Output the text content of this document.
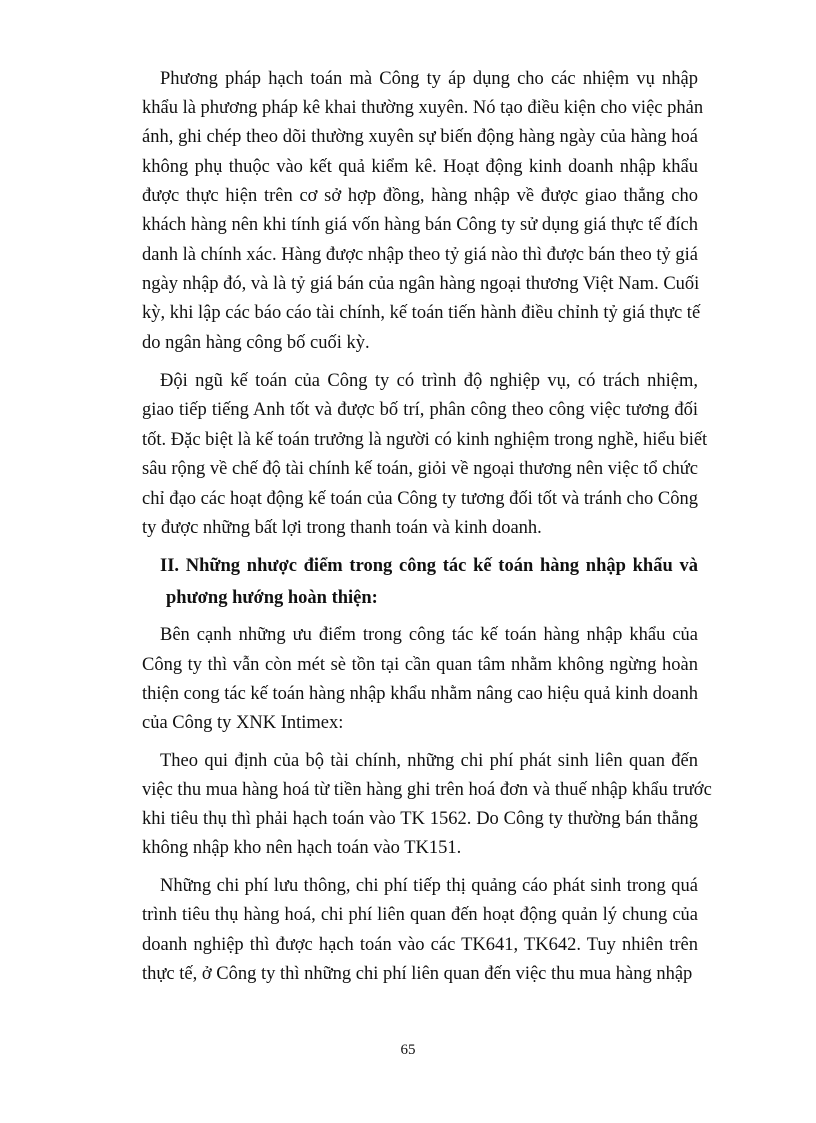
Phương pháp hạch toán mà Công ty áp dụng cho các nhiệm vụ nhập
khẩu là phương pháp kê khai thường xuyên. Nó tạo điều kiện cho việc phản
ánh, ghi chép theo dõi thường xuyên sự biến động hàng ngày của hàng hoá
không phụ thuộc vào kết quả kiểm kê. Hoạt động kinh doanh nhập khẩu
được thực hiện trên cơ sở hợp đồng, hàng nhập về được giao thẳng cho
khách hàng nên khi tính giá vốn hàng bán Công ty sử dụng giá thực tế đích
danh là chính xác. Hàng được nhập theo tỷ giá nào thì được bán theo tỷ giá
ngày nhập đó, và là tỷ giá bán của ngân hàng ngoại thương Việt Nam. Cuối
kỳ, khi lập các báo cáo tài chính, kế toán tiến hành điều chỉnh tỷ giá thực tế
do ngân hàng công bố cuối kỳ.
Đội ngũ kế toán của Công ty có trình độ nghiệp vụ, có trách nhiệm,
giao tiếp tiếng Anh tốt và được bố trí, phân công theo công việc tương đối
tốt. Đặc biệt là kế toán trưởng là người có kinh nghiệm trong nghề, hiểu biết
sâu rộng về chế độ tài chính kế toán, giỏi về ngoại thương nên việc tổ chức
chỉ đạo các hoạt động kế toán của Công ty tương đối tốt và tránh cho Công
ty được những bất lợi trong thanh toán và kinh doanh.
II. Những nhược điểm trong công tác kế toán hàng nhập khẩu và
phương hướng hoàn thiện:
Bên cạnh những ưu điểm trong công tác kế toán hàng nhập khẩu của
Công ty thì vẫn còn mét sè tồn tại cần quan tâm nhằm không ngừng hoàn
thiện cong tác kế toán hàng nhập khẩu nhằm nâng cao hiệu quả kinh doanh
của Công ty XNK Intimex:
Theo qui định của bộ tài chính, những chi phí phát sinh liên quan đến
việc thu mua hàng hoá từ tiền hàng ghi trên hoá đơn và thuế nhập khẩu trước
khi tiêu thụ thì phải hạch toán vào TK 1562. Do Công ty thường bán thẳng
không nhập kho nên hạch toán vào TK151.
Những chi phí lưu thông, chi phí tiếp thị quảng cáo phát sinh trong quá
trình tiêu thụ hàng hoá, chi phí liên quan đến hoạt động quản lý chung của
doanh nghiệp thì được hạch toán vào các TK641, TK642. Tuy nhiên trên
thực tế, ở Công ty thì những chi phí liên quan đến việc thu mua hàng nhập
65
